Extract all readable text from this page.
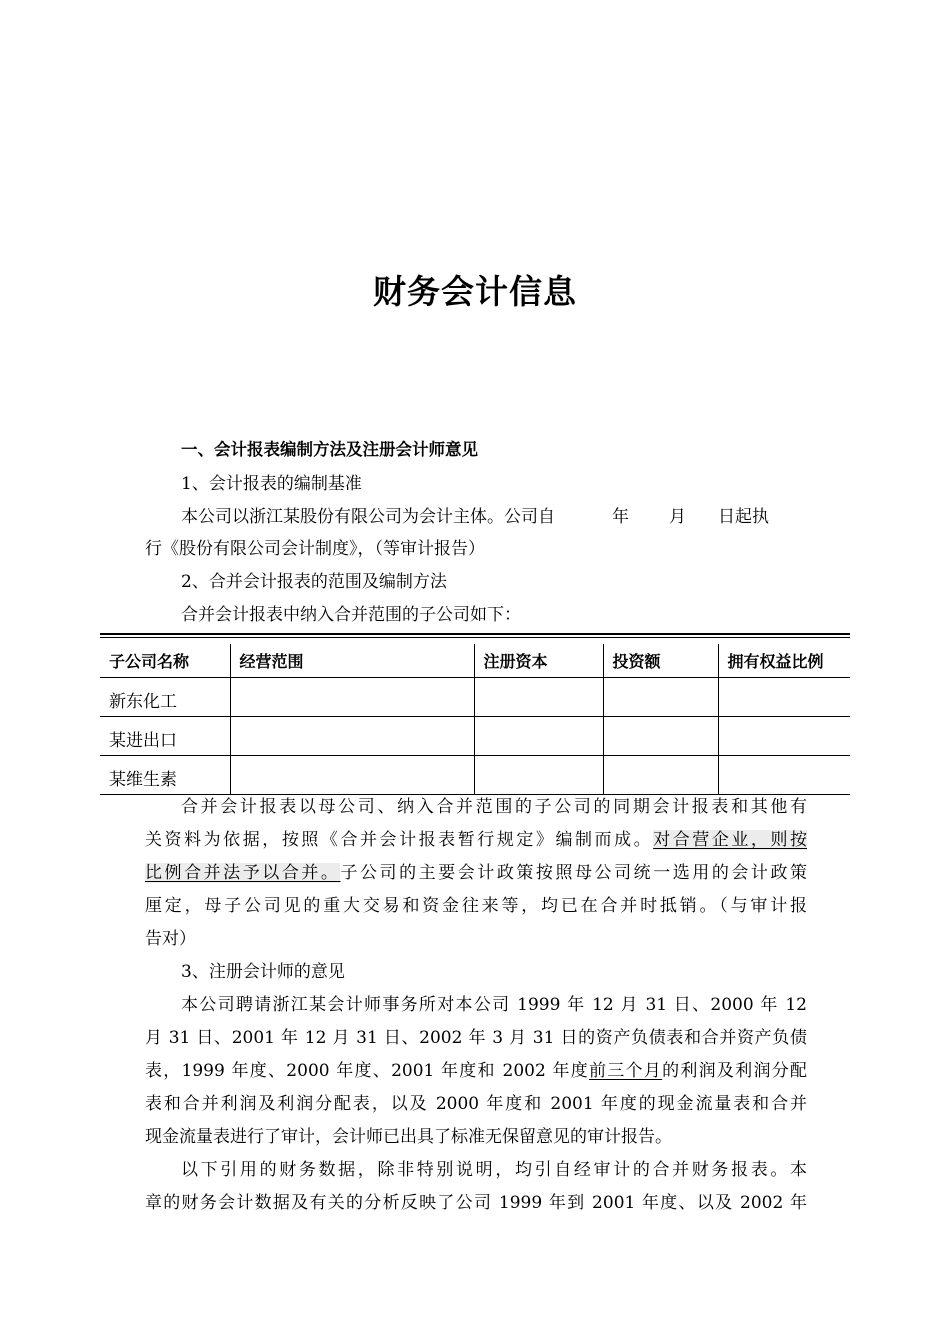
财务会计信息
一、会计报表编制方法及注册会计师意见
1、会计报表的编制基准
本公司以浙江某股份有限公司为会计主体。公司自	年 月 日起执
行《股份有限公司会计制度》，（等审计报告）
2、合并会计报表的范围及编制方法
合并会计报表中纳入合并范围的子公司如下：
子公司名称	经营范围	注册资本	投资额	拥有权益比例
新东化工				
某进出口				
某维生素				
合并会计报表以母公司、纳入合并范围的子公司的同期会计报表和其他有
关资料为依据，按照《合并会计报表暂行规定》编制而成。对合营企业，则按
比例合并法予以合并。子公司的主要会计政策按照母公司统一选用的会计政策
厘定，母子公司见的重大交易和资金往来等，均已在合并时抵销。（与审计报
告对）
3、注册会计师的意见
本公司聘请浙江某会计师事务所对本公司 1999 年 12 月 31 日、2000 年 12
月 31 日、2001 年 12 月 31 日、2002 年 3 月 31 日的资产负债表和合并资产负债
表，1999 年度、2000 年度、2001 年度和 2002 年度前三个月的利润及利润分配
表和合并利润及利润分配表，以及 2000 年度和 2001 年度的现金流量表和合并
现金流量表进行了审计，会计师已出具了标准无保留意见的审计报告。
以下引用的财务数据，除非特别说明，均引自经审计的合并财务报表。本
章的财务会计数据及有关的分析反映了公司 1999 年到 2001 年度、以及 2002 年
